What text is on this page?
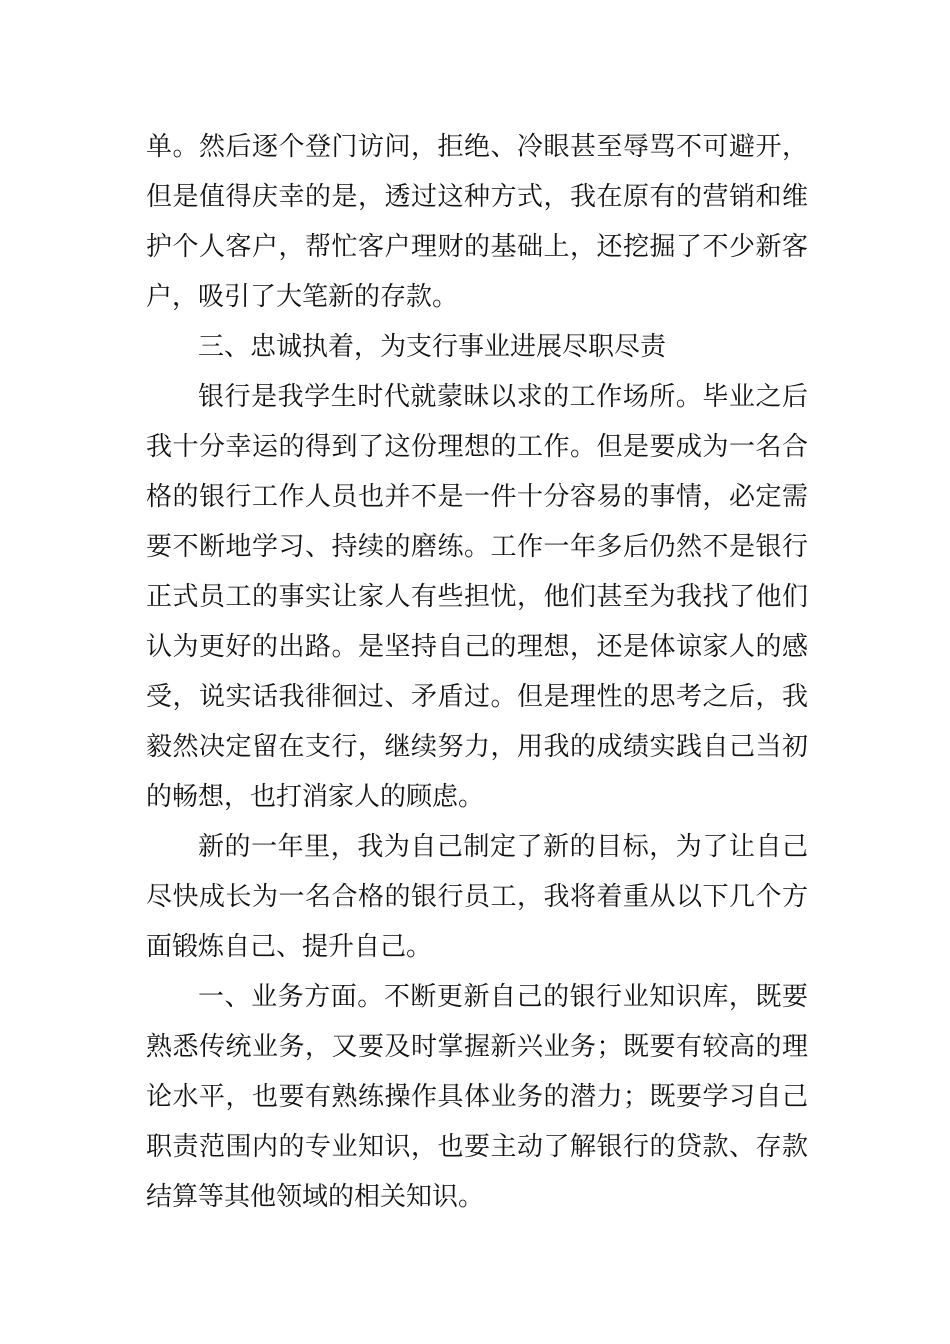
单。然后逐个登门访问，拒绝、冷眼甚至辱骂不可避开，但是值得庆幸的是，透过这种方式，我在原有的营销和维护个人客户，帮忙客户理财的基础上，还挖掘了不少新客户，吸引了大笔新的存款。

三、忠诚执着，为支行事业进展尽职尽责

银行是我学生时代就蒙昧以求的工作场所。毕业之后我十分幸运的得到了这份理想的工作。但是要成为一名合格的银行工作人员也并不是一件十分容易的事情，必定需要不断地学习、持续的磨练。工作一年多后仍然不是银行正式员工的事实让家人有些担忧，他们甚至为我找了他们认为更好的出路。是坚持自己的理想，还是体谅家人的感受，说实话我徘徊过、矛盾过。但是理性的思考之后，我毅然决定留在支行，继续努力，用我的成绩实践自己当初的畅想，也打消家人的顾虑。

新的一年里，我为自己制定了新的目标，为了让自己尽快成长为一名合格的银行员工，我将着重从以下几个方面锻炼自己、提升自己。

一、业务方面。不断更新自己的银行业知识库，既要熟悉传统业务，又要及时掌握新兴业务；既要有较高的理论水平，也要有熟练操作具体业务的潜力；既要学习自己职责范围内的专业知识，也要主动了解银行的贷款、存款结算等其他领域的相关知识。
